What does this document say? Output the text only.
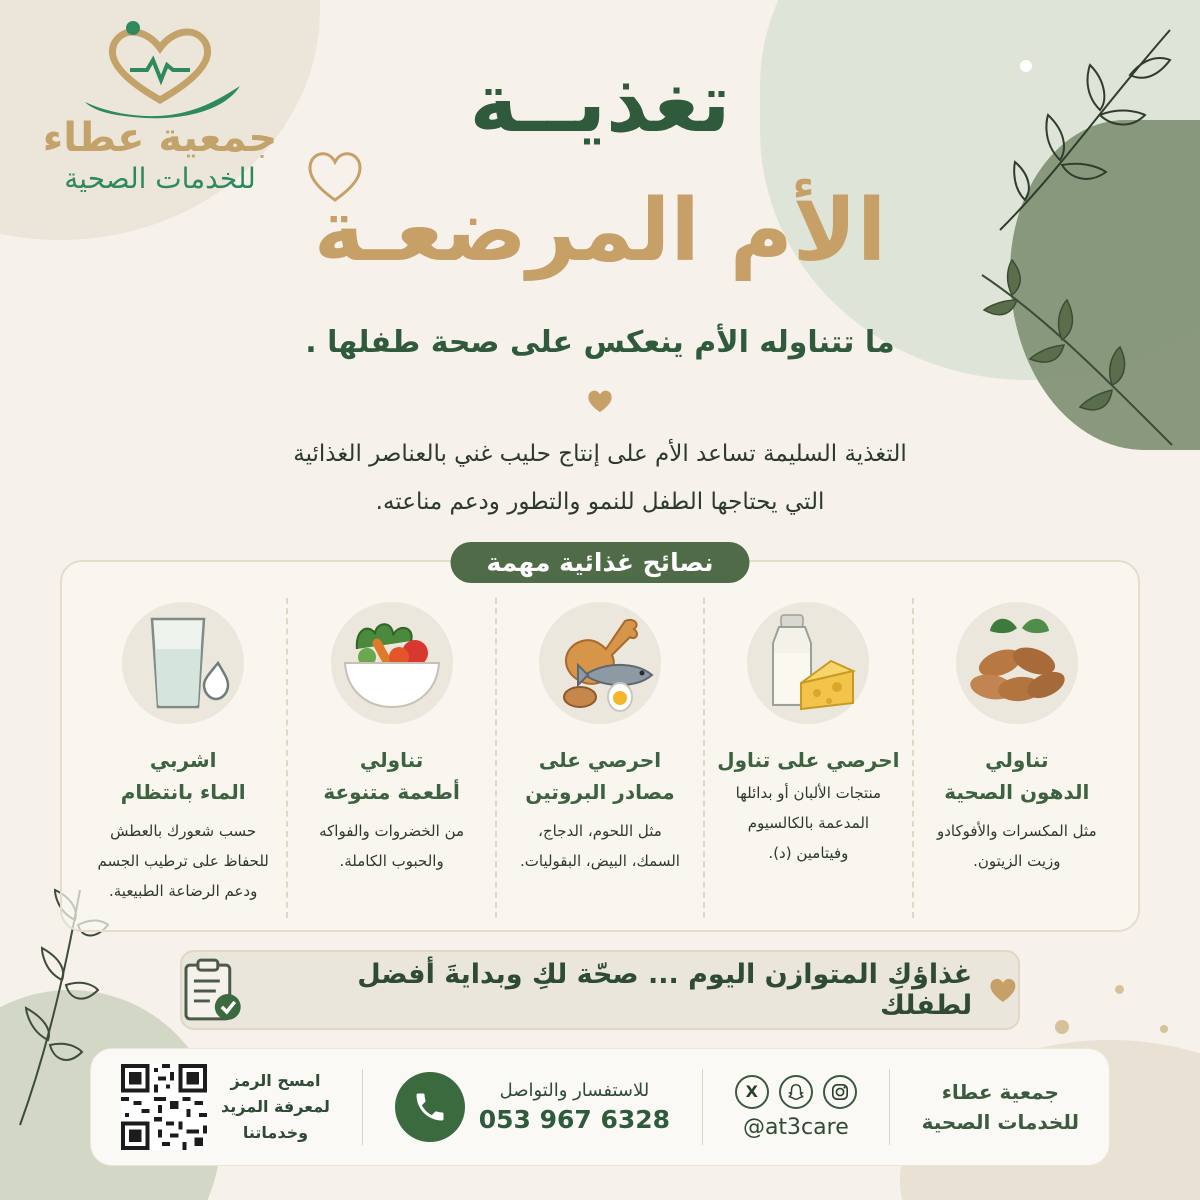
جمعية عطاء
للخدمات الصحية
تغذيــة
الأم المرضعـة
ما تتناوله الأم ينعكس على صحة طفلها .
التغذية السليمة تساعد الأم على إنتاج حليب غني بالعناصر الغذائية
التي يحتاجها الطفل للنمو والتطور ودعم مناعته.
نصائح غذائية مهمة
تناولي
الدهون الصحية
مثل المكسرات والأفوكادو
وزيت الزيتون.
احرصي على تناول
منتجات الألبان أو بدائلها
المدعمة بالكالسيوم
وفيتامين (د).
احرصي على
مصادر البروتين
مثل اللحوم، الدجاج،
السمك، البيض، البقوليات.
تناولي
أطعمة متنوعة
من الخضروات والفواكه
والحبوب الكاملة.
اشربي
الماء بانتظام
حسب شعورك بالعطش
للحفاظ على ترطيب الجسم
ودعم الرضاعة الطبيعية.
غذاؤكِ المتوازن اليوم ... صحّة لكِ وبدايةَ أفضل لطفلك
جمعية عطاء
للخدمات الصحية
X
@at3care
للاستفسار والتواصل
053 967 6328
امسح الرمز
لمعرفة المزيد
وخدماتنا
